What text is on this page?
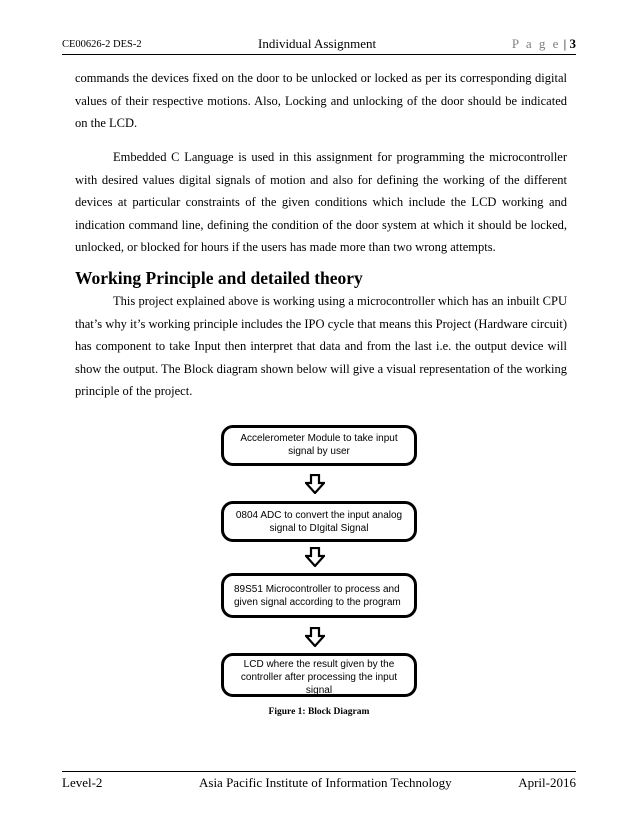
CE00626-2 DES-2	Individual Assignment	P a g e | 3

commands the devices fixed on the door to be unlocked or locked as per its corresponding digital values of their respective motions. Also, Locking and unlocking of the door should be indicated on the LCD.

Embedded C Language is used in this assignment for programming the microcontroller with desired values digital signals of motion and also for defining the working of the different devices at particular constraints of the given conditions which include the LCD working and indication command line, defining the condition of the door system at which it should be locked, unlocked, or blocked for hours if the users has made more than two wrong attempts.

Working Principle and detailed theory

This project explained above is working using a microcontroller which has an inbuilt CPU that’s why it’s working principle includes the IPO cycle that means this Project (Hardware circuit) has component to take Input then interpret that data and from the last i.e. the output device will show the output. The Block diagram shown below will give a visual representation of the working principle of the project.

Accelerometer Module to take input signal by user
0804 ADC to convert the input analog signal to DIgital Signal
89S51 Microcontroller to process and given signal according to the program
LCD where the result given by the controller after processing the input signal
Figure 1: Block Diagram
Level-2	Asia Pacific Institute of Information Technology	April-2016
